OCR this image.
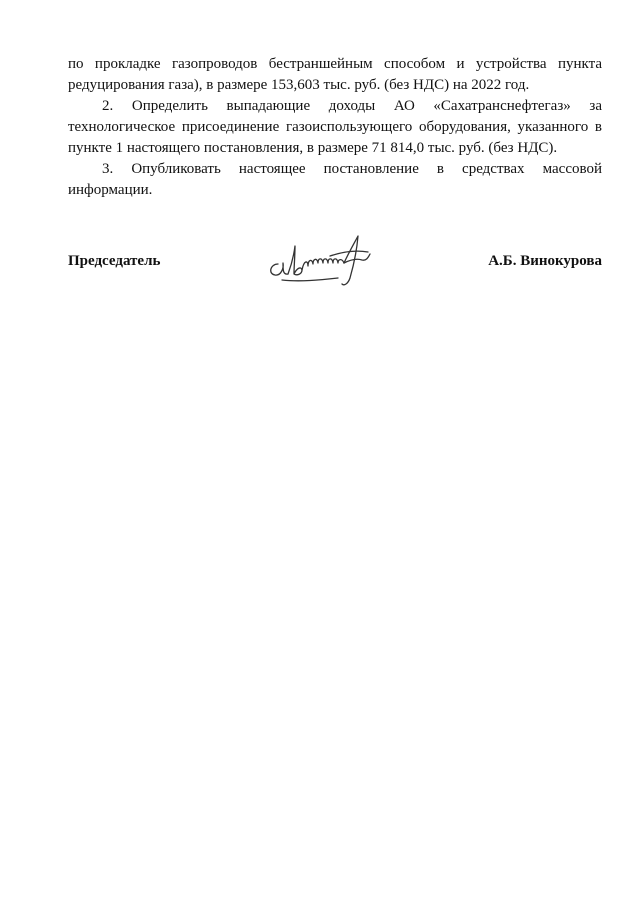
по прокладке газопроводов бестраншейным способом и устройства пункта редуцирования газа), в размере 153,603 тыс. руб. (без НДС) на 2022 год.

2. Определить выпадающие доходы АО «Сахатранснефтегаз» за технологическое присоединение газоиспользующего оборудования, указанного в пункте 1 настоящего постановления, в размере 71 814,0 тыс. руб. (без НДС).

3. Опубликовать настоящее постановление в средствах массовой информации.

Председатель	А.Б. Винокурова
